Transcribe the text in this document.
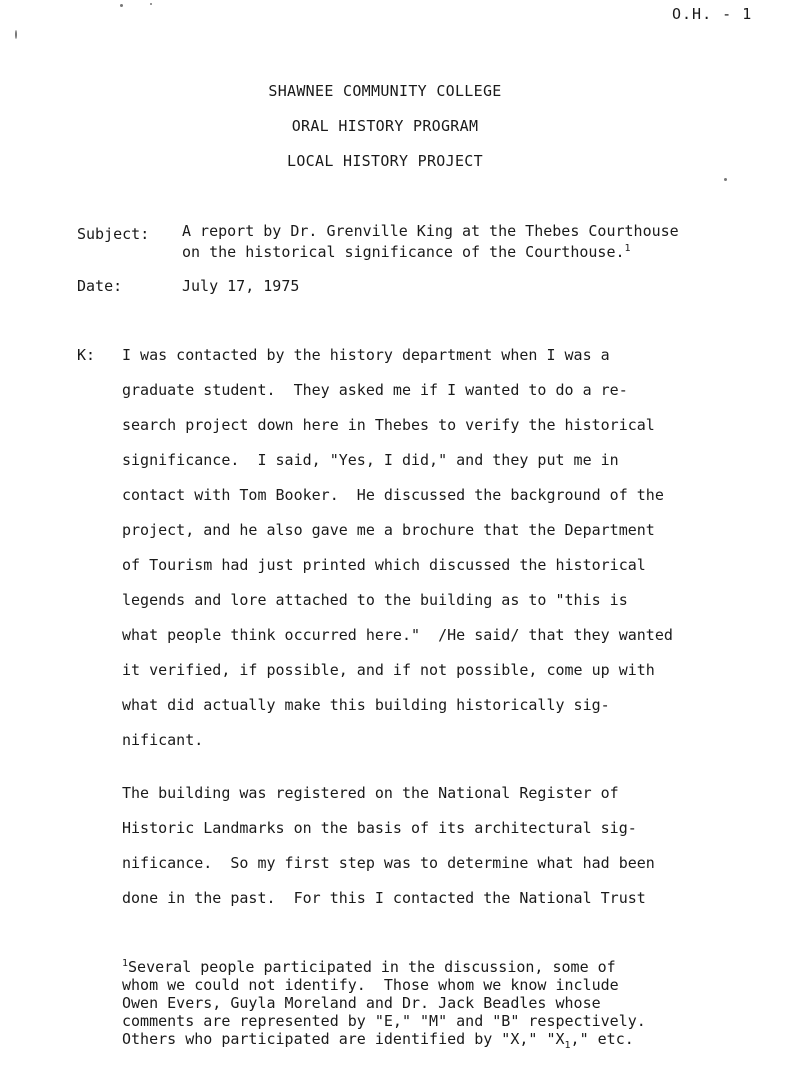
O.H. - 1
SHAWNEE COMMUNITY COLLEGE
ORAL HISTORY PROGRAM
LOCAL HISTORY PROJECT
Subject: A report by Dr. Grenville King at the Thebes Courthouse
on the historical significance of the Courthouse.$^1$
Date:	July 17, 1975
K: I was contacted by the history department when I was a
graduate student.  They asked me if I wanted to do a re-
search project down here in Thebes to verify the historical
significance.  I said, "Yes, I did," and they put me in
contact with Tom Booker.  He discussed the background of the
project, and he also gave me a brochure that the Department
of Tourism had just printed which discussed the historical
legends and lore attached to the building as to "this is
what people think occurred here."  /He said/ that they wanted
it verified, if possible, and if not possible, come up with
what did actually make this building historically sig-
nificant.
The building was registered on the National Register of
Historic Landmarks on the basis of its architectural sig-
nificance.  So my first step was to determine what had been
done in the past.  For this I contacted the National Trust
$^1$Several people participated in the discussion, some of
whom we could not identify.  Those whom we know include
Owen Evers, Guyla Moreland and Dr. Jack Beadles whose
comments are represented by "E," "M" and "B" respectively.
Others who participated are identified by "X," "$X_1$," etc.
